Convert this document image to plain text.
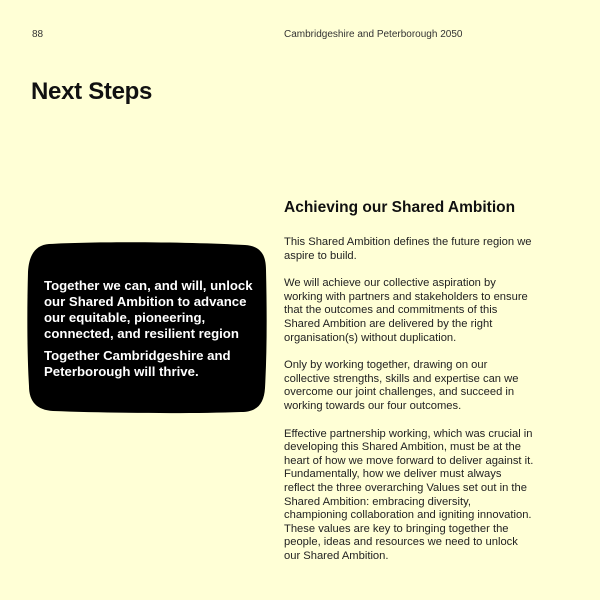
88	Cambridgeshire and Peterborough 2050
Next Steps

Together we can, and will, unlock our Shared Ambition to advance our equitable, pioneering, connected, and resilient region

Together Cambridgeshire and Peterborough will thrive.

Achieving our Shared Ambition

This Shared Ambition defines the future region we aspire to build.

We will achieve our collective aspiration by working with partners and stakeholders to ensure that the outcomes and commitments of this Shared Ambition are delivered by the right organisation(s) without duplication.

Only by working together, drawing on our collective strengths, skills and expertise can we overcome our joint challenges, and succeed in working towards our four outcomes.

Effective partnership working, which was crucial in developing this Shared Ambition, must be at the heart of how we move forward to deliver against it. Fundamentally, how we deliver must always reflect the three overarching Values set out in the Shared Ambition: embracing diversity, championing collaboration and igniting innovation. These values are key to bringing together the people, ideas and resources we need to unlock our Shared Ambition.
